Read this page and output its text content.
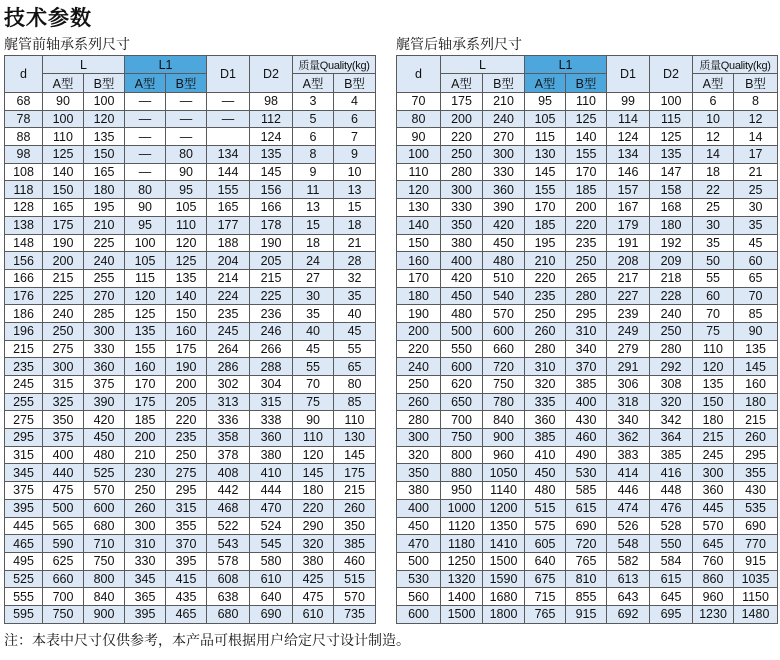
技术参数
艉管前轴承系列尺寸	艉管后轴承系列尺寸
d	L		L1		D1	D2	质量Quality(kg)	
	A型	B型	A型	B型			A型	B型
68	90	100	—	—	—	98	3	4
78	100	120	—	—	—	112	5	6
88	110	135	—	—		124	6	7
98	125	150	—	80	134	135	8	9
108	140	165	—	90	144	145	9	10
118	150	180	80	95	155	156	11	13
128	165	195	90	105	165	166	13	15
138	175	210	95	110	177	178	15	18
148	190	225	100	120	188	190	18	21
156	200	240	105	125	204	205	24	28
166	215	255	115	135	214	215	27	32
176	225	270	120	140	224	225	30	35
186	240	285	125	150	235	236	35	40
196	250	300	135	160	245	246	40	45
215	275	330	155	175	264	266	45	55
235	300	360	160	190	286	288	55	65
245	315	375	170	200	302	304	70	80
255	325	390	175	205	313	315	75	85
275	350	420	185	220	336	338	90	110
295	375	450	200	235	358	360	110	130
315	400	480	210	250	378	380	120	145
345	440	525	230	275	408	410	145	175
375	475	570	250	295	442	444	180	215
395	500	600	260	315	468	470	220	260
445	565	680	300	355	522	524	290	350
465	590	710	310	370	543	545	320	385
495	625	750	330	395	578	580	380	460
525	660	800	345	415	608	610	425	515
555	700	840	365	435	638	640	475	570
595	750	900	395	465	680	690	610	735
d	L		L1		D1	D2	质量Quality(kg)	
	A型	B型	A型	B型			A型	B型
70	175	210	95	110	99	100	6	8
80	200	240	105	125	114	115	10	12
90	220	270	115	140	124	125	12	14
100	250	300	130	155	134	135	14	17
110	280	330	145	170	146	147	18	21
120	300	360	155	185	157	158	22	25
130	330	390	170	200	167	168	25	30
140	350	420	185	220	179	180	30	35
150	380	450	195	235	191	192	35	45
160	400	480	210	250	208	209	50	60
170	420	510	220	265	217	218	55	65
180	450	540	235	280	227	228	60	70
190	480	570	250	295	239	240	70	85
200	500	600	260	310	249	250	75	90
220	550	660	280	340	279	280	110	135
240	600	720	310	370	291	292	120	145
250	620	750	320	385	306	308	135	160
260	650	780	335	400	318	320	150	180
280	700	840	360	430	340	342	180	215
300	750	900	385	460	362	364	215	260
320	800	960	410	490	383	385	245	295
350	880	1050	450	530	414	416	300	355
380	950	1140	480	585	446	448	360	430
400	1000	1200	515	615	474	476	445	535
450	1120	1350	575	690	526	528	570	690
470	1180	1410	605	720	548	550	645	770
500	1250	1500	640	765	582	584	760	915
530	1320	1590	675	810	613	615	860	1035
560	1400	1680	715	855	643	645	960	1150
600	1500	1800	765	915	692	695	1230	1480
注：本表中尺寸仅供参考，本产品可根据用户给定尺寸设计制造。
